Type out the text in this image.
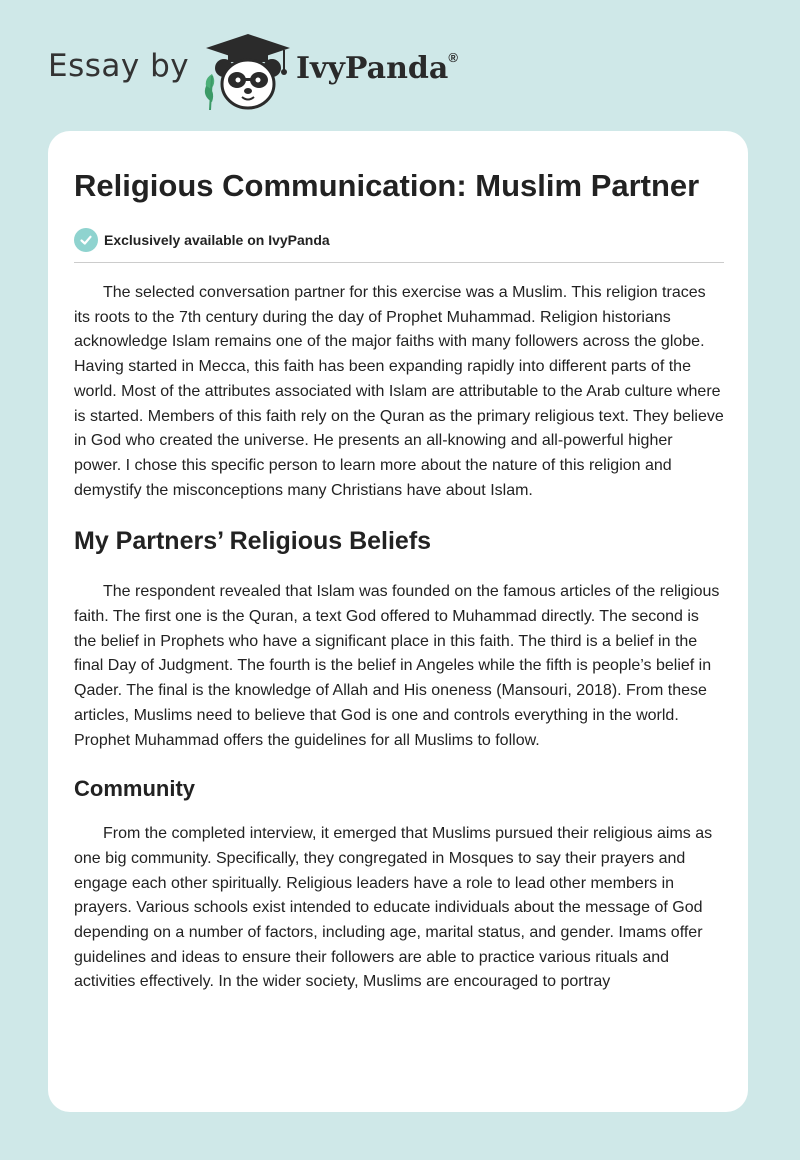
Essay by	IvyPanda®
Religious Communication: Muslim Partner
Exclusively available on IvyPanda

The selected conversation partner for this exercise was a Muslim. This religion traces its roots to the 7th century during the day of Prophet Muhammad. Religion historians acknowledge Islam remains one of the major faiths with many followers across the globe. Having started in Mecca, this faith has been expanding rapidly into different parts of the world. Most of the attributes associated with Islam are attributable to the Arab culture where is started. Members of this faith rely on the Quran as the primary religious text. They believe in God who created the universe. He presents an all-knowing and all-powerful higher power. I chose this specific person to learn more about the nature of this religion and demystify the misconceptions many Christians have about Islam.

My Partners’ Religious Beliefs

The respondent revealed that Islam was founded on the famous articles of the religious faith. The first one is the Quran, a text God offered to Muhammad directly. The second is the belief in Prophets who have a significant place in this faith. The third is a belief in the final Day of Judgment. The fourth is the belief in Angeles while the fifth is people’s belief in Qader. The final is the knowledge of Allah and His oneness (Mansouri, 2018). From these articles, Muslims need to believe that God is one and controls everything in the world. Prophet Muhammad offers the guidelines for all Muslims to follow.

Community

From the completed interview, it emerged that Muslims pursued their religious aims as one big community. Specifically, they congregated in Mosques to say their prayers and engage each other spiritually. Religious leaders have a role to lead other members in prayers. Various schools exist intended to educate individuals about the message of God depending on a number of factors, including age, marital status, and gender. Imams offer guidelines and ideas to ensure their followers are able to practice various rituals and activities effectively. In the wider society, Muslims are encouraged to portray
